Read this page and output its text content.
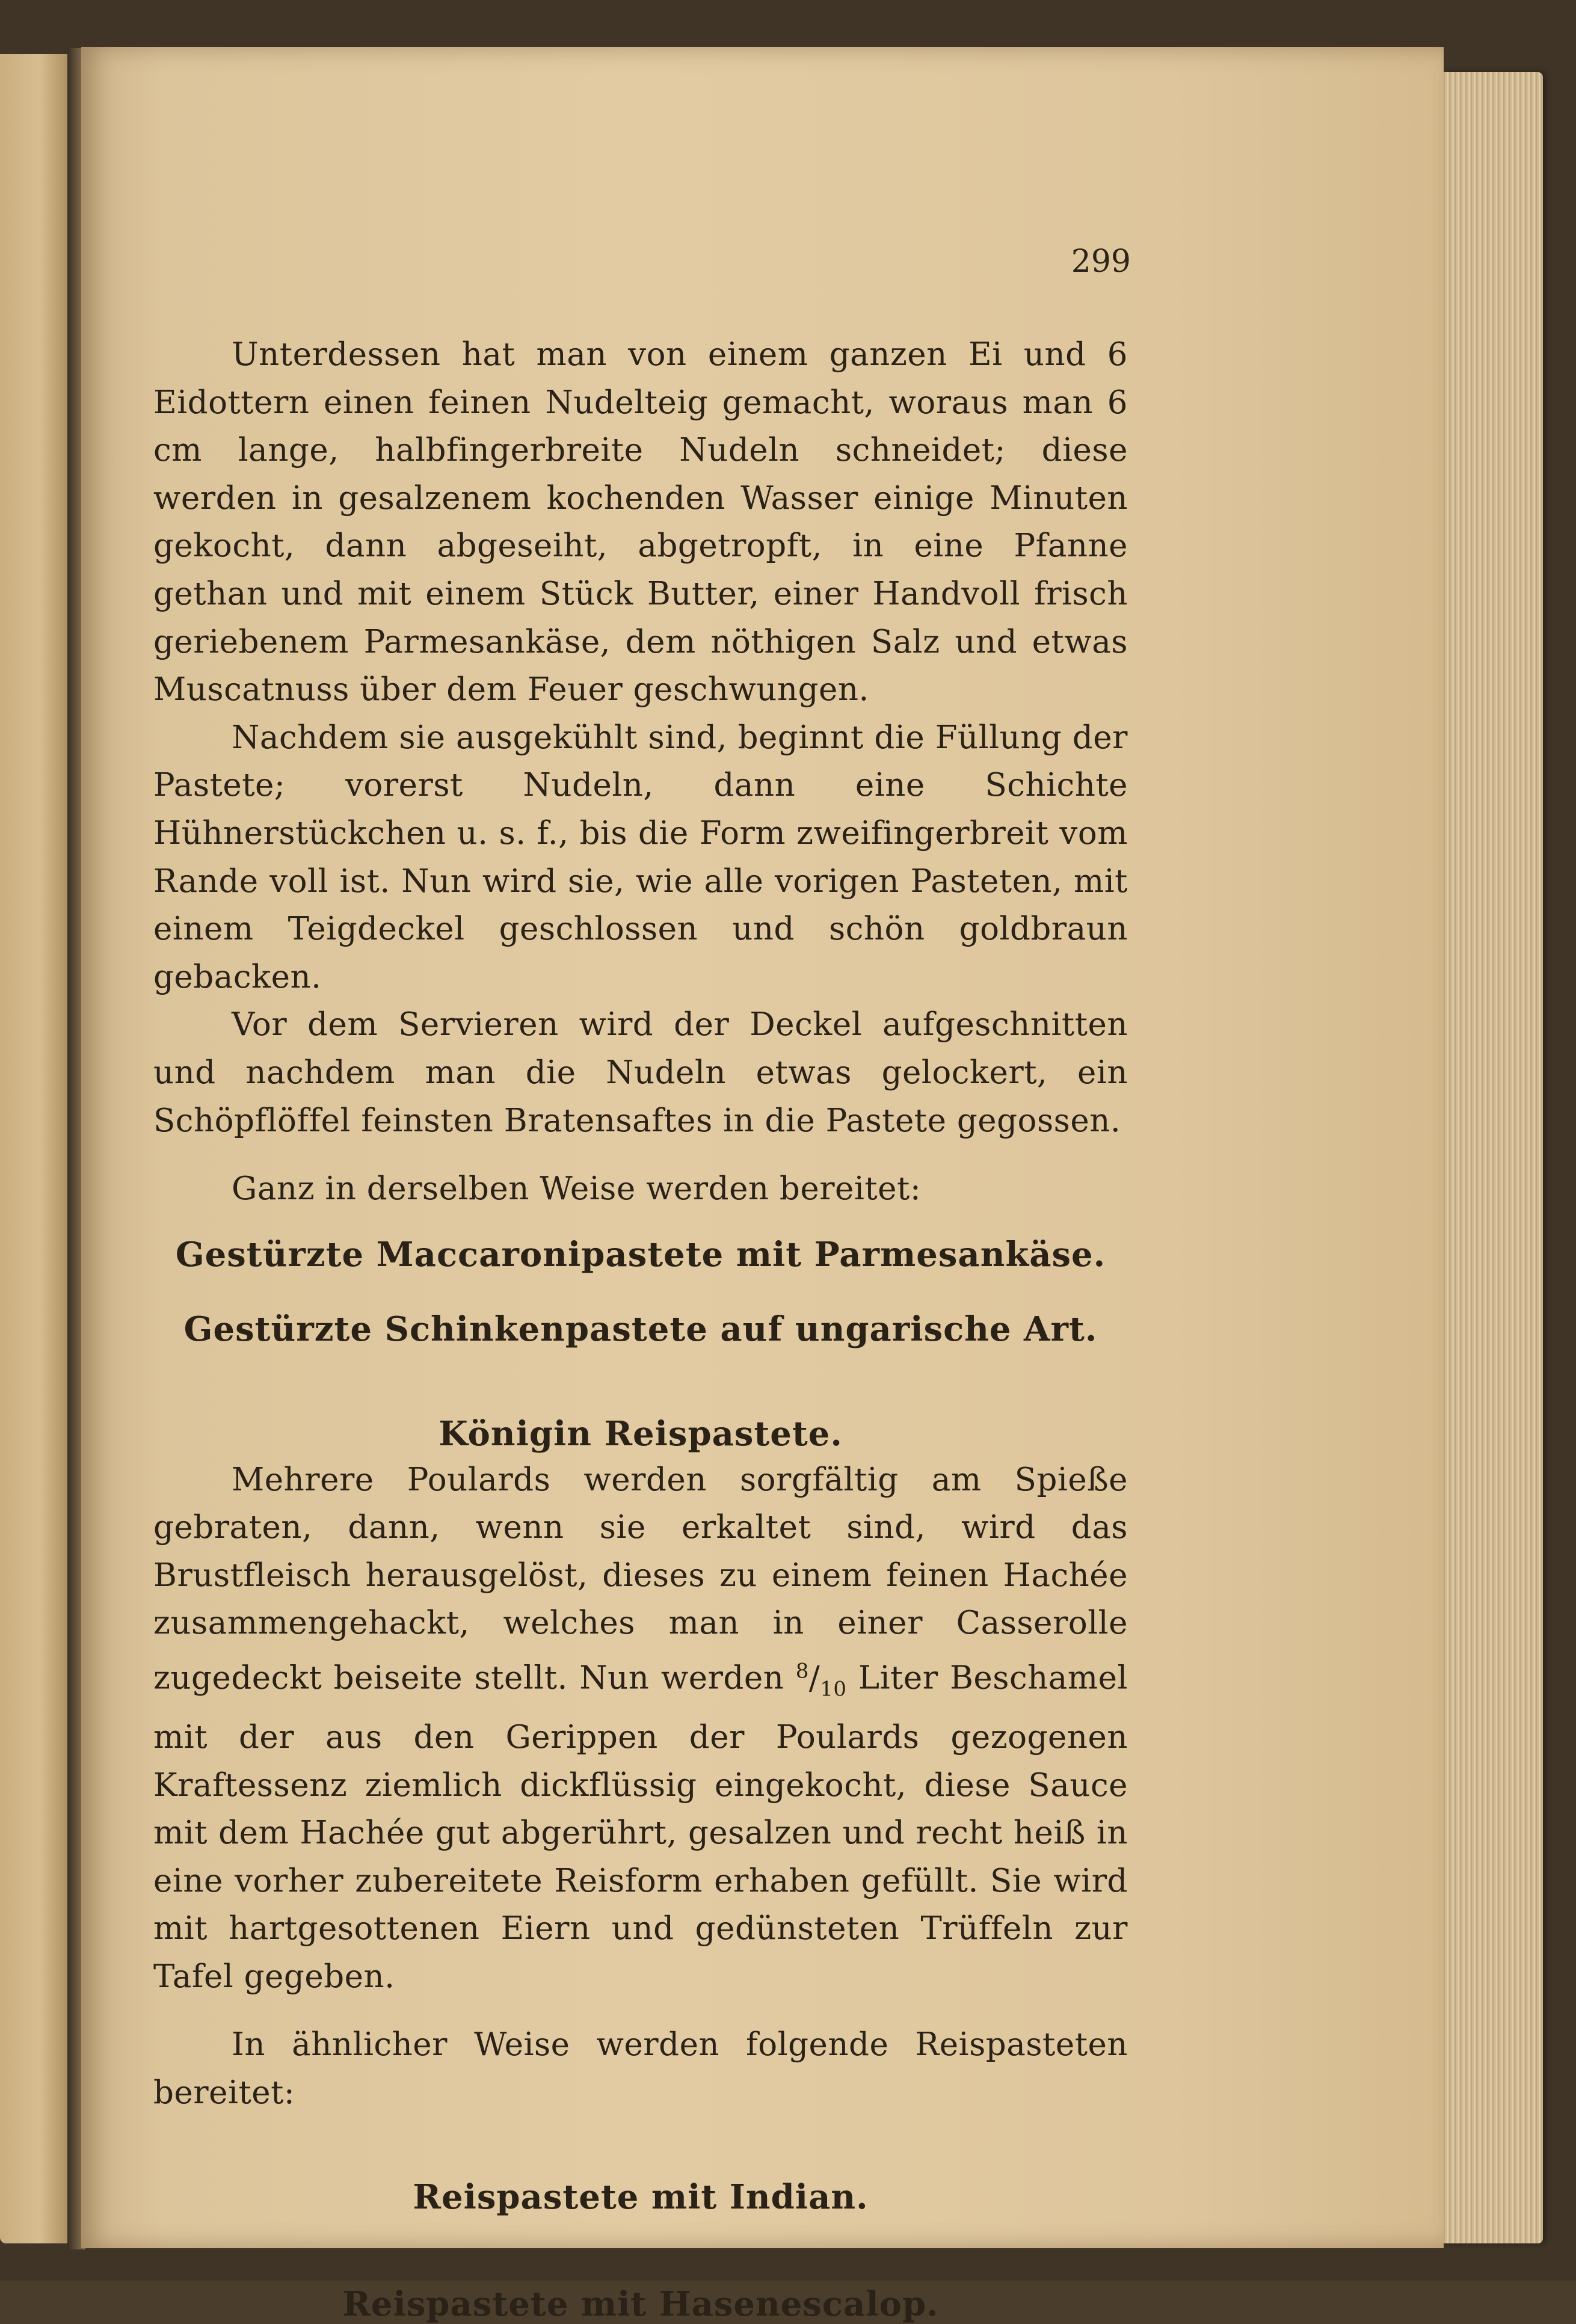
299

Unterdessen hat man von einem ganzen Ei und 6 Eidottern einen feinen Nudelteig gemacht, woraus man 6 cm lange, halbfingerbreite Nudeln schneidet; diese werden in gesalzenem kochenden Wasser einige Minuten gekocht, dann abgeseiht, abgetropft, in eine Pfanne gethan und mit einem Stück Butter, einer Handvoll frisch geriebenem Parmesankäse, dem nöthigen Salz und etwas Muscatnuss über dem Feuer geschwungen.

Nachdem sie ausgekühlt sind, beginnt die Füllung der Pastete; vorerst Nudeln, dann eine Schichte Hühnerstückchen u. s. f., bis die Form zweifingerbreit vom Rande voll ist. Nun wird sie, wie alle vorigen Pasteten, mit einem Teigdeckel geschlossen und schön goldbraun gebacken.

Vor dem Servieren wird der Deckel aufgeschnitten und nachdem man die Nudeln etwas gelockert, ein Schöpflöffel feinsten Bratensaftes in die Pastete gegossen.

Ganz in derselben Weise werden bereitet:

Gestürzte Maccaronipastete mit Parmesankäse.

Gestürzte Schinkenpastete auf ungarische Art.

Königin Reispastete.

Mehrere Poulards werden sorgfältig am Spieße gebraten, dann, wenn sie erkaltet sind, wird das Brustfleisch herausgelöst, dieses zu einem feinen Hachée zusammengehackt, welches man in einer Casserolle zugedeckt beiseite stellt. Nun werden $^8/_{10}$ Liter Beschamel mit der aus den Gerippen der Poulards gezogenen Kraftessenz ziemlich dickflüssig eingekocht, diese Sauce mit dem Hachée gut abgerührt, gesalzen und recht heiß in eine vorher zubereitete Reisform erhaben gefüllt. Sie wird mit hartgesottenen Eiern und gedünsteten Trüffeln zur Tafel gegeben.

In ähnlicher Weise werden folgende Reispasteten bereitet:

Reispastete mit Indian.

Reispastete mit Hasenescalop.
